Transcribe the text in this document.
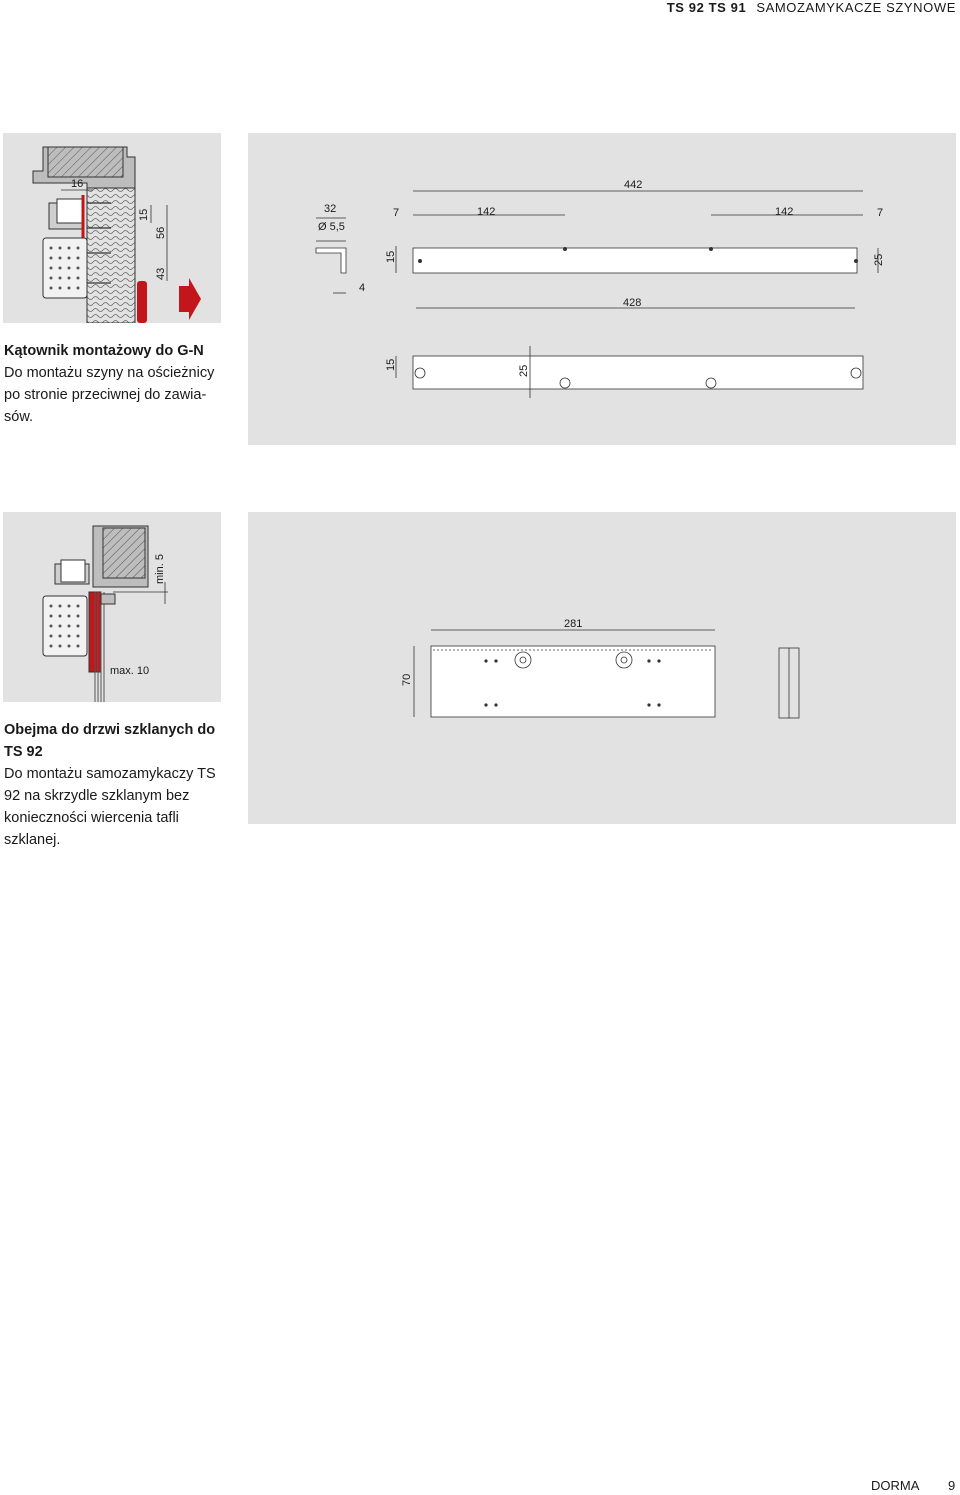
TS 92 TS 91 SAMOZAMYKACZE SZYNOWE
16
15
56
43
32
Ø 5,5
4
15
442
7	142	142	7
25
428
15	25
Kątownik montażowy do G-N
Do montażu szyny na ościeżnicy po stronie przeciwnej do zawia-sów.
min. 5
max. 10
281
70
Obejma do drzwi szklanych do TS 92
Do montażu samozamykaczy TS 92 na skrzydle szklanym bez konieczności wiercenia tafli szklanej.
DORMA 9
